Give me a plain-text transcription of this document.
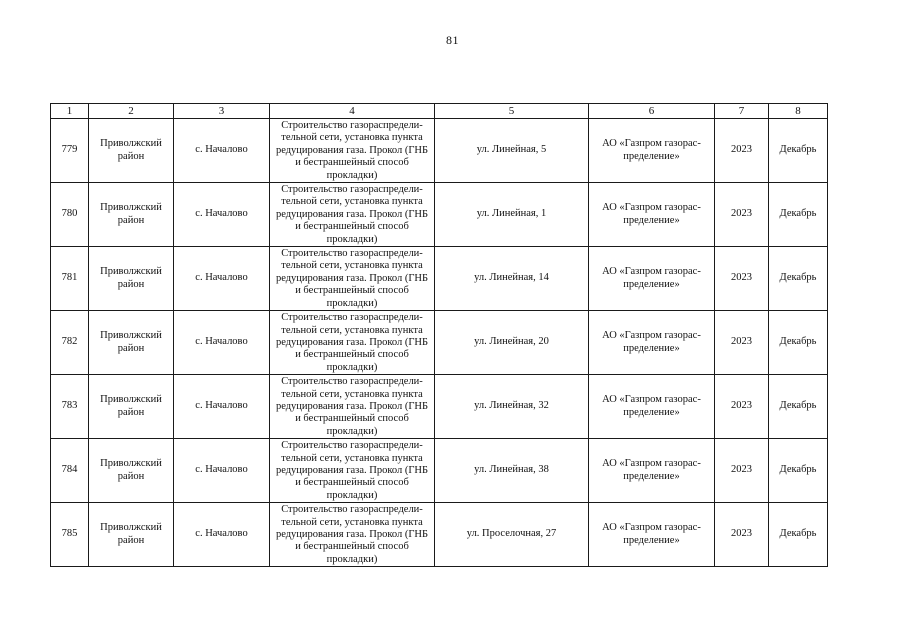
81
1	2	3	4	5	6	7	8
779	Приволжский район	с. Началово	Строительство газораспредели-тельной сети, установка пункта редуцирования газа. Прокол (ГНБ и бестраншейный способ прокладки)	ул. Линейная, 5	АО «Газпром газорас-пределение»	2023	Декабрь
780	Приволжский район	с. Началово	Строительство газораспредели-тельной сети, установка пункта редуцирования газа. Прокол (ГНБ и бестраншейный способ прокладки)	ул. Линейная, 1	АО «Газпром газорас-пределение»	2023	Декабрь
781	Приволжский район	с. Началово	Строительство газораспредели-тельной сети, установка пункта редуцирования газа. Прокол (ГНБ и бестраншейный способ прокладки)	ул. Линейная, 14	АО «Газпром газорас-пределение»	2023	Декабрь
782	Приволжский район	с. Началово	Строительство газораспредели-тельной сети, установка пункта редуцирования газа. Прокол (ГНБ и бестраншейный способ прокладки)	ул. Линейная, 20	АО «Газпром газорас-пределение»	2023	Декабрь
783	Приволжский район	с. Началово	Строительство газораспредели-тельной сети, установка пункта редуцирования газа. Прокол (ГНБ и бестраншейный способ прокладки)	ул. Линейная, 32	АО «Газпром газорас-пределение»	2023	Декабрь
784	Приволжский район	с. Началово	Строительство газораспредели-тельной сети, установка пункта редуцирования газа. Прокол (ГНБ и бестраншейный способ прокладки)	ул. Линейная, 38	АО «Газпром газорас-пределение»	2023	Декабрь
785	Приволжский район	с. Началово	Строительство газораспредели-тельной сети, установка пункта редуцирования газа. Прокол (ГНБ и бестраншейный способ прокладки)	ул. Проселочная, 27	АО «Газпром газорас-пределение»	2023	Декабрь
